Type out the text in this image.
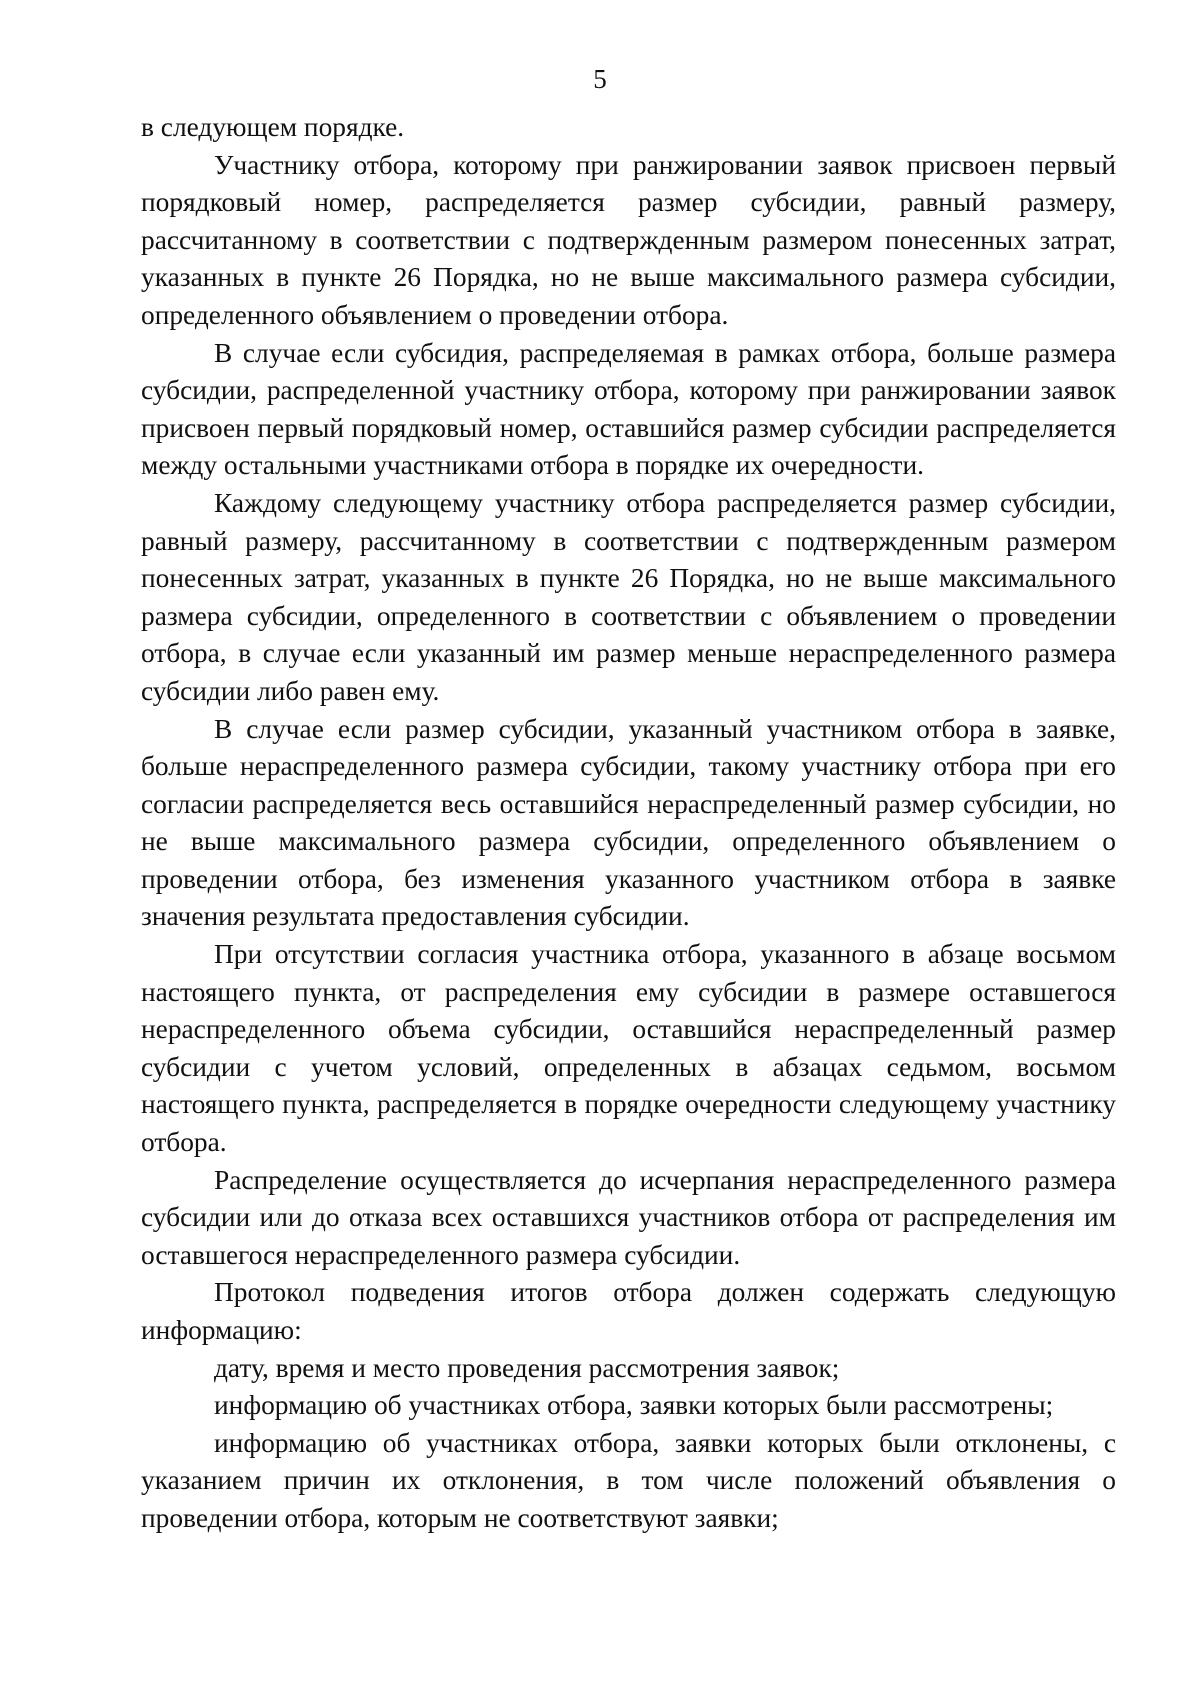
5

в следующем порядке.

Участнику отбора, которому при ранжировании заявок присвоен первый порядковый номер, распределяется размер субсидии, равный размеру, рассчитанному в соответствии с подтвержденным размером понесенных затрат, указанных в пункте 26 Порядка, но не выше максимального размера субсидии, определенного объявлением о проведении отбора.

В случае если субсидия, распределяемая в рамках отбора, больше размера субсидии, распределенной участнику отбора, которому при ранжировании заявок присвоен первый порядковый номер, оставшийся размер субсидии распределяется между остальными участниками отбора в порядке их очередности.

Каждому следующему участнику отбора распределяется размер субсидии, равный размеру, рассчитанному в соответствии с подтвержденным размером понесенных затрат, указанных в пункте 26 Порядка, но не выше максимального размера субсидии, определенного в соответствии с объявлением о проведении отбора, в случае если указанный им размер меньше нераспределенного размера субсидии либо равен ему.

В случае если размер субсидии, указанный участником отбора в заявке, больше нераспределенного размера субсидии, такому участнику отбора при его согласии распределяется весь оставшийся нераспределенный размер субсидии, но не выше максимального размера субсидии, определенного объявлением о проведении отбора, без изменения указанного участником отбора в заявке значения результата предоставления субсидии.

При отсутствии согласия участника отбора, указанного в абзаце восьмом настоящего пункта, от распределения ему субсидии в размере оставшегося нераспределенного объема субсидии, оставшийся нераспределенный размер субсидии с учетом условий, определенных в абзацах седьмом, восьмом настоящего пункта, распределяется в порядке очередности следующему участнику отбора.

Распределение осуществляется до исчерпания нераспределенного размера субсидии или до отказа всех оставшихся участников отбора от распределения им оставшегося нераспределенного размера субсидии.

Протокол подведения итогов отбора должен содержать следующую информацию:

дату, время и место проведения рассмотрения заявок;

информацию об участниках отбора, заявки которых были рассмотрены;

информацию об участниках отбора, заявки которых были отклонены, с указанием причин их отклонения, в том числе положений объявления о проведении отбора, которым не соответствуют заявки;
